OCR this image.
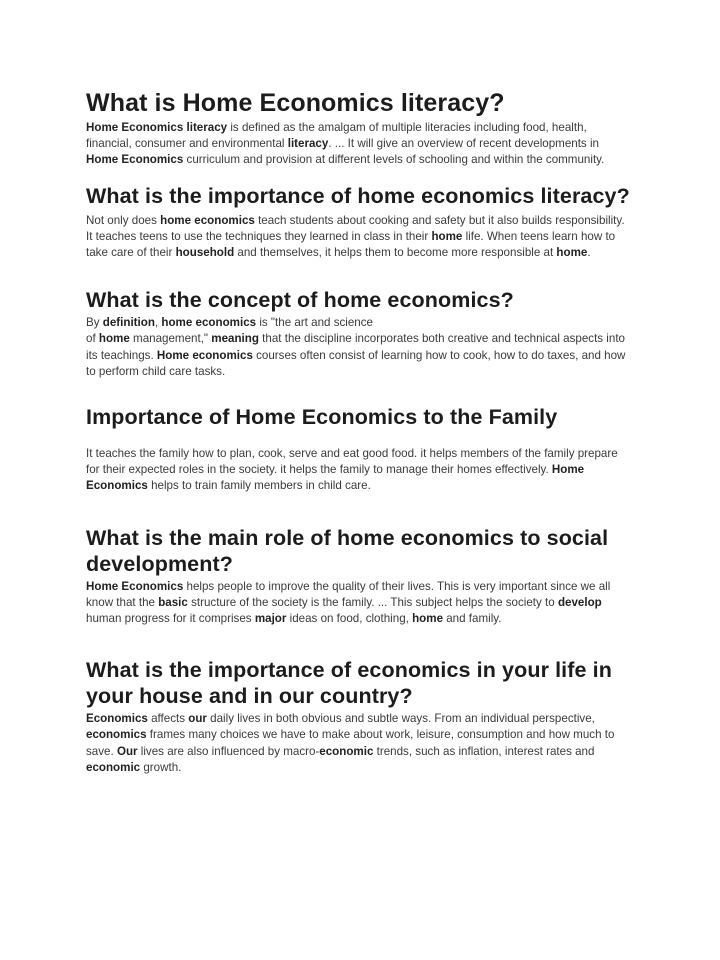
What is Home Economics literacy?

Home Economics literacy is defined as the amalgam of multiple literacies including food, health, financial, consumer and environmental literacy. ... It will give an overview of recent developments in Home Economics curriculum and provision at different levels of schooling and within the community.

What is the importance of home economics literacy?

Not only does home economics teach students about cooking and safety but it also builds responsibility. It teaches teens to use the techniques they learned in class in their home life. When teens learn how to take care of their household and themselves, it helps them to become more responsible at home.

What is the concept of home economics?

By definition, home economics is "the art and science
of home management," meaning that the discipline incorporates both creative and technical aspects into its teachings. Home economics courses often consist of learning how to cook, how to do taxes, and how to perform child care tasks.

Importance of Home Economics to the Family

It teaches the family how to plan, cook, serve and eat good food. it helps members of the family prepare for their expected roles in the society. it helps the family to manage their homes effectively. Home Economics helps to train family members in child care.

What is the main role of home economics to social development?

Home Economics helps people to improve the quality of their lives. This is very important since we all know that the basic structure of the society is the family. ... This subject helps the society to develop human progress for it comprises major ideas on food, clothing, home and family.

What is the importance of economics in your life in your house and in our country?

Economics affects our daily lives in both obvious and subtle ways. From an individual perspective, economics frames many choices we have to make about work, leisure, consumption and how much to save. Our lives are also influenced by macro-economic trends, such as inflation, interest rates and economic growth.
